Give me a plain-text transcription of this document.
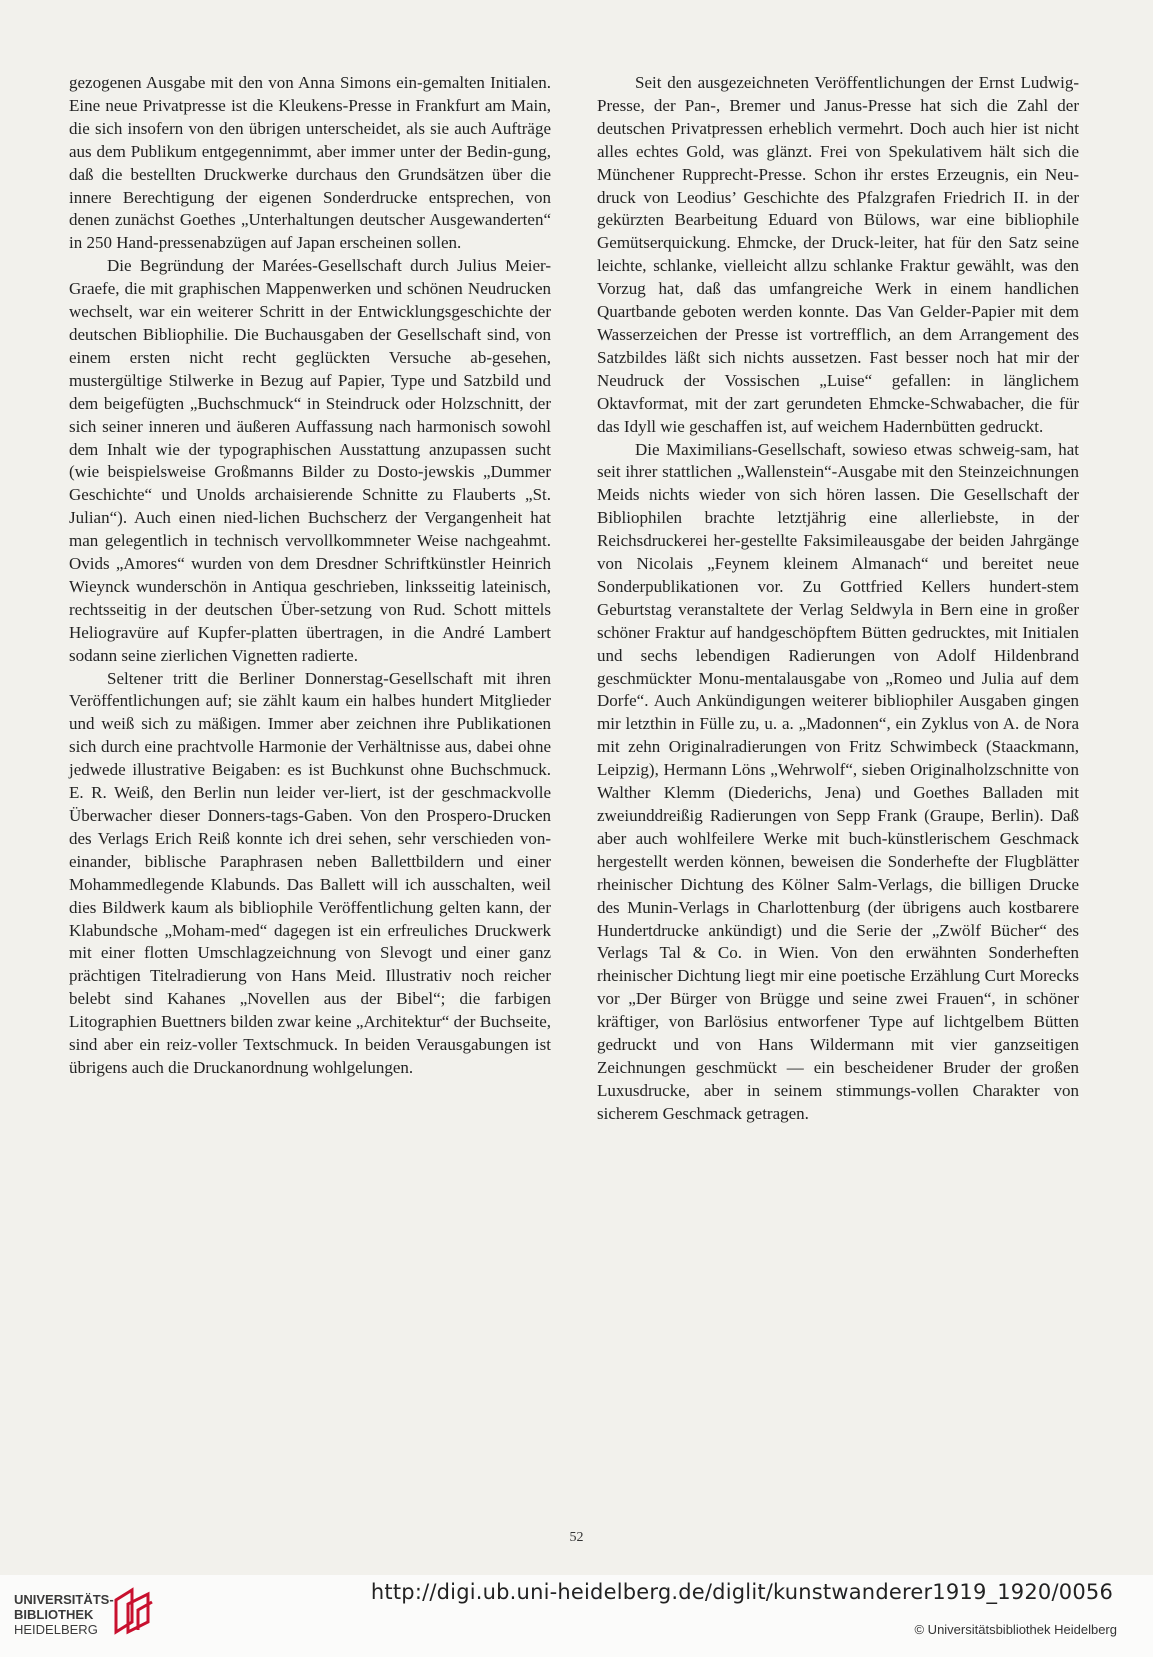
gezogenen Ausgabe mit den von Anna Simons ein-gemalten Initialen. Eine neue Privatpresse ist die Kleukens-Presse in Frankfurt am Main, die sich insofern von den übrigen unterscheidet, als sie auch Aufträge aus dem Publikum entgegennimmt, aber immer unter der Bedin-gung, daß die bestellten Druckwerke durchaus den Grundsätzen über die innere Berechtigung der eigenen Sonderdrucke entsprechen, von denen zunächst Goethes „Unterhaltungen deutscher Ausgewanderten“ in 250 Hand-pressenabzügen auf Japan erscheinen sollen.

Die Begründung der Marées-Gesellschaft durch Julius Meier-Graefe, die mit graphischen Mappenwerken und schönen Neudrucken wechselt, war ein weiterer Schritt in der Entwicklungsgeschichte der deutschen Bibliophilie. Die Buchausgaben der Gesellschaft sind, von einem ersten nicht recht geglückten Versuche ab-gesehen, mustergültige Stilwerke in Bezug auf Papier, Type und Satzbild und dem beigefügten „Buchschmuck“ in Steindruck oder Holzschnitt, der sich seiner inneren und äußeren Auffassung nach harmonisch sowohl dem Inhalt wie der typographischen Ausstattung anzupassen sucht (wie beispielsweise Großmanns Bilder zu Dosto-jewskis „Dummer Geschichte“ und Unolds archaisierende Schnitte zu Flauberts „St. Julian“). Auch einen nied-lichen Buchscherz der Vergangenheit hat man gelegentlich in technisch vervollkommneter Weise nachgeahmt. Ovids „Amores“ wurden von dem Dresdner Schriftkünstler Heinrich Wieynck wunderschön in Antiqua geschrieben, linksseitig lateinisch, rechtsseitig in der deutschen Über-setzung von Rud. Schott mittels Heliogravüre auf Kupfer-platten übertragen, in die André Lambert sodann seine zierlichen Vignetten radierte.

Seltener tritt die Berliner Donnerstag-Gesellschaft mit ihren Veröffentlichungen auf; sie zählt kaum ein halbes hundert Mitglieder und weiß sich zu mäßigen. Immer aber zeichnen ihre Publikationen sich durch eine prachtvolle Harmonie der Verhältnisse aus, dabei ohne jedwede illustrative Beigaben: es ist Buchkunst ohne Buchschmuck. E. R. Weiß, den Berlin nun leider ver-liert, ist der geschmackvolle Überwacher dieser Donners-tags-Gaben. Von den Prospero-Drucken des Verlags Erich Reiß konnte ich drei sehen, sehr verschieden von-einander, biblische Paraphrasen neben Ballettbildern und einer Mohammedlegende Klabunds. Das Ballett will ich ausschalten, weil dies Bildwerk kaum als bibliophile Veröffentlichung gelten kann, der Klabundsche „Moham-med“ dagegen ist ein erfreuliches Druckwerk mit einer flotten Umschlagzeichnung von Slevogt und einer ganz prächtigen Titelradierung von Hans Meid. Illustrativ noch reicher belebt sind Kahanes „Novellen aus der Bibel“; die farbigen Litographien Buettners bilden zwar keine „Architektur“ der Buchseite, sind aber ein reiz-voller Textschmuck. In beiden Verausgabungen ist übrigens auch die Druckanordnung wohlgelungen.

Seit den ausgezeichneten Veröffentlichungen der Ernst Ludwig-Presse, der Pan-, Bremer und Janus-Presse hat sich die Zahl der deutschen Privatpressen erheblich vermehrt. Doch auch hier ist nicht alles echtes Gold, was glänzt. Frei von Spekulativem hält sich die Münchener Rupprecht-Presse. Schon ihr erstes Erzeugnis, ein Neu-druck von Leodius’ Geschichte des Pfalzgrafen Friedrich II. in der gekürzten Bearbeitung Eduard von Bülows, war eine bibliophile Gemütserquickung. Ehmcke, der Druck-leiter, hat für den Satz seine leichte, schlanke, vielleicht allzu schlanke Fraktur gewählt, was den Vorzug hat, daß das umfangreiche Werk in einem handlichen Quartbande geboten werden konnte. Das Van Gelder-Papier mit dem Wasserzeichen der Presse ist vortrefflich, an dem Arrangement des Satzbildes läßt sich nichts aussetzen. Fast besser noch hat mir der Neudruck der Vossischen „Luise“ gefallen: in länglichem Oktavformat, mit der zart gerundeten Ehmcke-Schwabacher, die für das Idyll wie geschaffen ist, auf weichem Hadernbütten gedruckt.

Die Maximilians-Gesellschaft, sowieso etwas schweig-sam, hat seit ihrer stattlichen „Wallenstein“-Ausgabe mit den Steinzeichnungen Meids nichts wieder von sich hören lassen. Die Gesellschaft der Bibliophilen brachte letztjährig eine allerliebste, in der Reichsdruckerei her-gestellte Faksimileausgabe der beiden Jahrgänge von Nicolais „Feynem kleinem Almanach“ und bereitet neue Sonderpublikationen vor. Zu Gottfried Kellers hundert-stem Geburtstag veranstaltete der Verlag Seldwyla in Bern eine in großer schöner Fraktur auf handgeschöpftem Bütten gedrucktes, mit Initialen und sechs lebendigen Radierungen von Adolf Hildenbrand geschmückter Monu-mentalausgabe von „Romeo und Julia auf dem Dorfe“. Auch Ankündigungen weiterer bibliophiler Ausgaben gingen mir letzthin in Fülle zu, u. a. „Madonnen“, ein Zyklus von A. de Nora mit zehn Originalradierungen von Fritz Schwimbeck (Staackmann, Leipzig), Hermann Löns „Wehrwolf“, sieben Originalholzschnitte von Walther Klemm (Diederichs, Jena) und Goethes Balladen mit zweiunddreißig Radierungen von Sepp Frank (Graupe, Berlin). Daß aber auch wohlfeilere Werke mit buch-künstlerischem Geschmack hergestellt werden können, beweisen die Sonderhefte der Flugblätter rheinischer Dichtung des Kölner Salm-Verlags, die billigen Drucke des Munin-Verlags in Charlottenburg (der übrigens auch kostbarere Hundertdrucke ankündigt) und die Serie der „Zwölf Bücher“ des Verlags Tal & Co. in Wien. Von den erwähnten Sonderheften rheinischer Dichtung liegt mir eine poetische Erzählung Curt Morecks vor „Der Bürger von Brügge und seine zwei Frauen“, in schöner kräftiger, von Barlösius entworfener Type auf lichtgelbem Bütten gedruckt und von Hans Wildermann mit vier ganzseitigen Zeichnungen geschmückt — ein bescheidener Bruder der großen Luxusdrucke, aber in seinem stimmungs-vollen Charakter von sicherem Geschmack getragen.

52
UNIVERSITÄTS-
BIBLIOTHEK
HEIDELBERG
http://digi.ub.uni-heidelberg.de/diglit/kunstwanderer1919_1920/0056
© Universitätsbibliothek Heidelberg
